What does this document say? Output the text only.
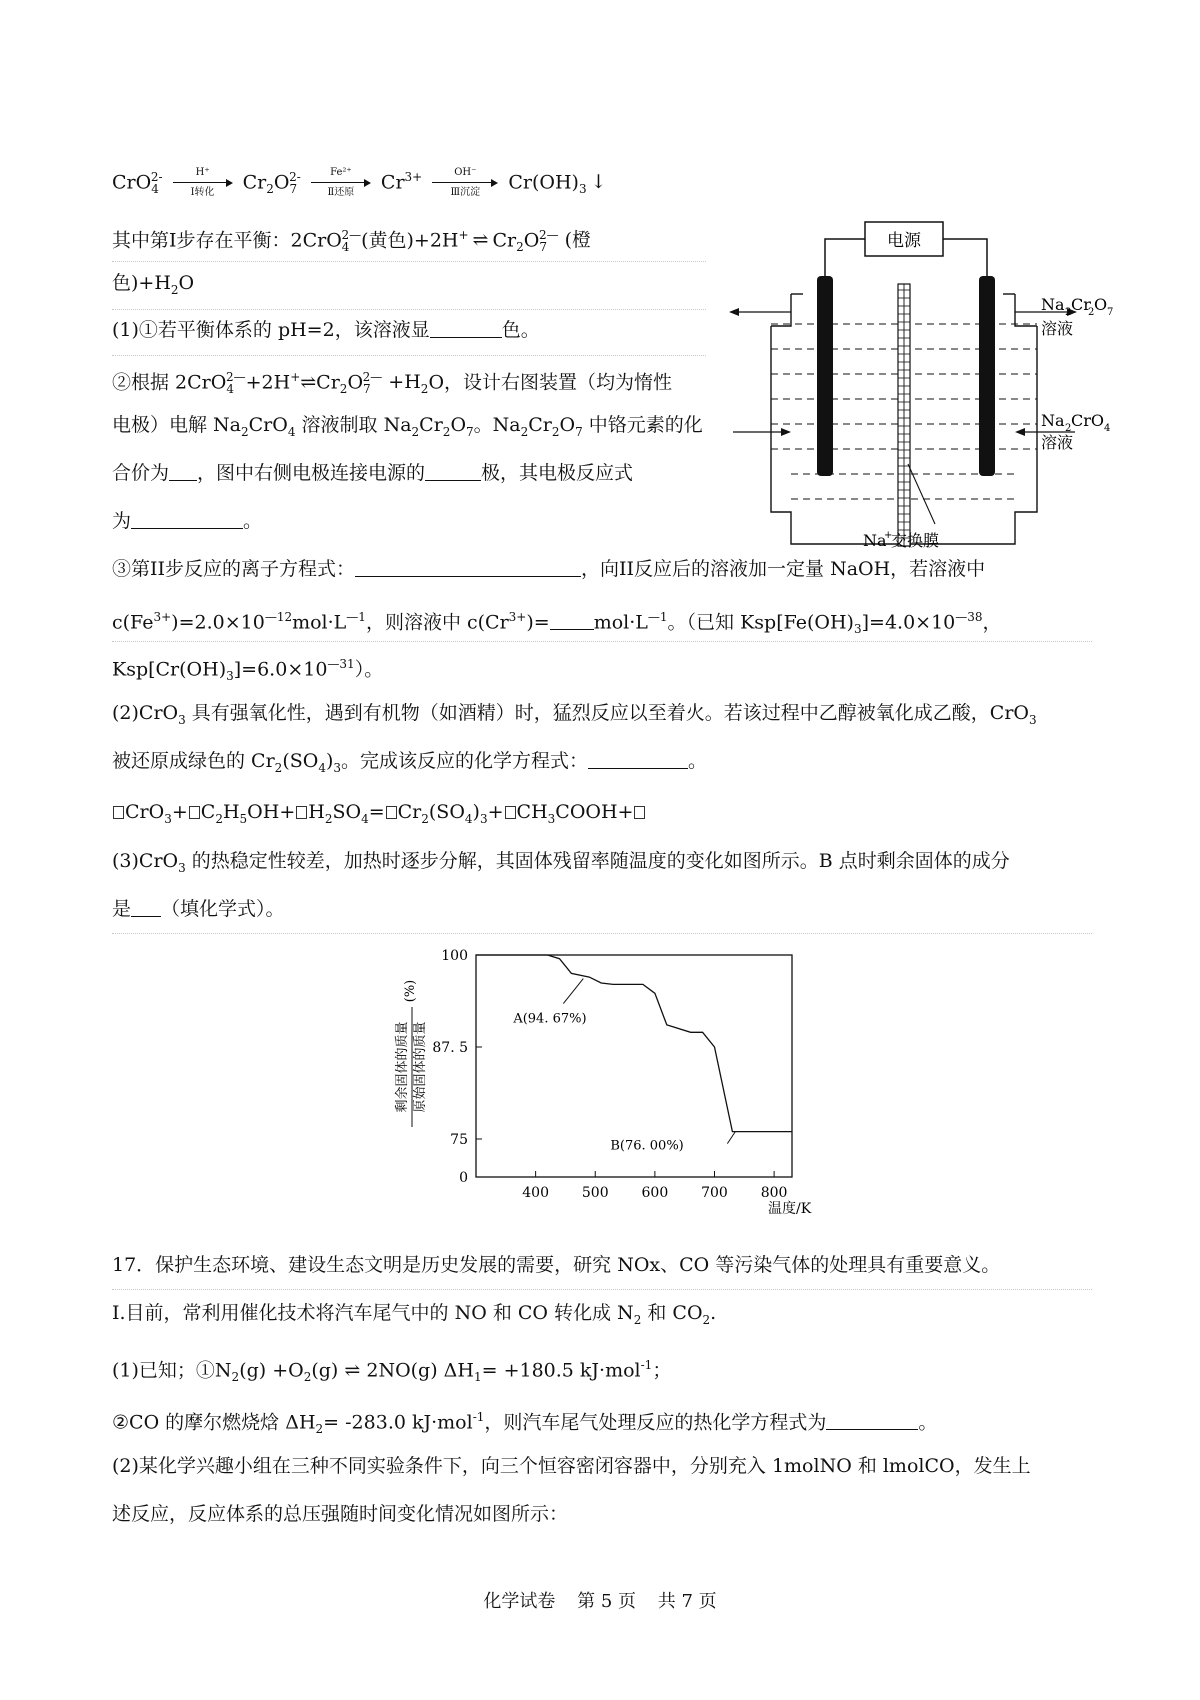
CrO$_4^{2-}$	H⁺
Ⅰ转化	$Cr_2O_7^{2-}$	Fe²⁺
Ⅱ还原	$Cr^{3+}$	OH⁻
Ⅲ沉淀	$Cr(OH)_3$ ↓
其中第Ⅰ步存在平衡：2CrO$_4^{2—}$(黄色)+2H+ ⇌ $Cr_2O_7^{2—}$ (橙
色)$+H_2O$
(1)①若平衡体系的 pH=2，该溶液显	色。
②根据 $2CrO_4^{2—}+2H^+\rightleftharpoons Cr_2O_7^{2—} +H_2O$，设计右图装置（均为惰性
电极）电解 $Na_2CrO_4$ 溶液制取 $Na_2Cr_2O_7$。$Na_2Cr_2O_7$ 中铬元素的化
合价为 ，图中右侧电极连接电源的	极，其电极反应式
为	。
电源
Na 2 Cr
2 O 7
溶液
Na 2 CrO 4
溶液
Na
+
交换膜
③第II步反应的离子方程式：	，向II反应后的溶液加一定量 NaOH，若溶液中
$c(Fe^{3+})=2.0\times 10^{—12}mol\cdot L^{—1}$，则溶液中 $c(Cr^{3+})= mol\cdot L^{—1}$。（已知 $Ksp[Fe(OH)_3]=4.0\times 10^{—38}$，
$Ksp[Cr(OH)_3]=6.0\times 10^{—31}$）。
(2)CrO$_3$ 具有强氧化性，遇到有机物（如酒精）时，猛烈反应以至着火。若该过程中乙醇被氧化成乙酸，CrO$_3$
被还原成绿色的 $Cr_2(SO_4)_3$。完成该反应的化学方程式：	。
$CrO_3+ C_2H_5OH+ H_2SO_4= Cr_2(SO_4)_3+$ $CH_3COOH+$
(3)CrO$_3$ 的热稳定性较差，加热时逐步分解，其固体残留率随温度的变化如图所示。B 点时剩余固体的成分
是 （填化学式）。
100
87. 5
75
0
400 500 600 700 800
A(94. 67%)
B(76. 00%)
温度/K
剩余固体的质量 原始固体的质量
(%)
17．保护生态环境、建设生态文明是历史发展的需要，研究 NOx、CO 等污染气体的处理具有重要意义。
I.目前，常利用催化技术将汽车尾气中的 NO 和 CO 转化成 $N_2$ 和 $CO_2$.
(1)已知；$①N_2(g) +O_2(g)$ ⇌ 2NO(g) $\Delta H_1= +180.5$ kJ·mol$^{-1}$；
②CO 的摩尔燃烧焓 $\Delta H_2= -283.0$ kJ·mol$^{-1}$，则汽车尾气处理反应的热化学方程式为	。
(2)某化学兴趣小组在三种不同实验条件下，向三个恒容密闭容器中，分别充入 1molNO 和 lmolCO，发生上
述反应，反应体系的总压强随时间变化情况如图所示：
化学试卷 第 5 页 共 7 页
